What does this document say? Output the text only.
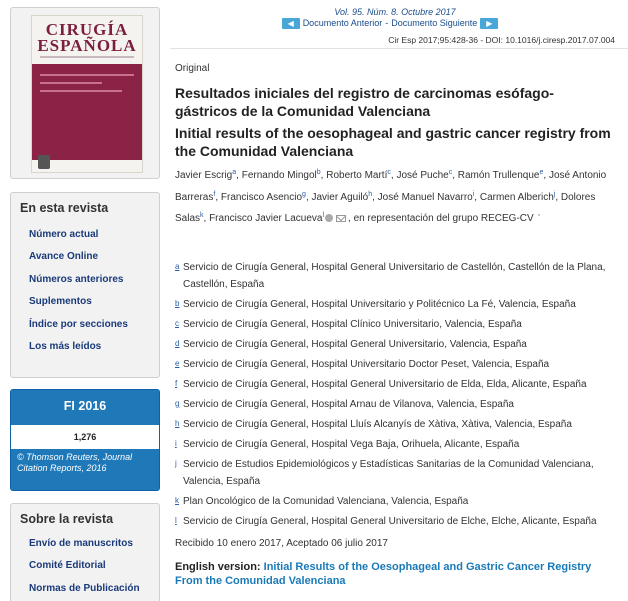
CIRUGÍA
ESPAÑOLA
En esta revista
Número actual
Avance Online
Números anteriores
Suplementos
Índice por secciones
Los más leídos
FI 2016
1,276
© Thomson Reuters, Journal Citation Reports, 2016
Sobre la revista
Envío de manuscritos
Comité Editorial
Normas de Publicación
Vol. 95. Núm. 8. Octubre 2017
◀ Documento Anterior - Documento Siguiente	▶
Cir Esp 2017;95:428-36 - DOI: 10.1016/j.ciresp.2017.07.004
Original
Resultados iniciales del registro de carcinomas esófago-gástricos de la Comunidad Valenciana
Initial results of the oesophageal and gastric cancer registry from the Comunidad Valenciana
Javier Escrig$^a$, Fernando Mingol$^b$, Roberto Martí$^c$, José Puche$^c$, Ramón Trullenque$^e$, José Antonio Barreras$^f$, Francisco Asencio$^g$, Javier Aguiló$^h$, José Manuel Navarro$^i$, Carmen Alberich$^j$, Dolores Salas$^k$, Francisco Javier Lacueva$^l$ , en representación del grupo RECEG-CV ◦
a Servicio de Cirugía General, Hospital General Universitario de Castellón, Castellón de la Plana, Castellón, España
b Servicio de Cirugía General, Hospital Universitario y Politécnico La Fé, Valencia, España
c Servicio de Cirugía General, Hospital Clínico Universitario, Valencia, España
d Servicio de Cirugía General, Hospital General Universitario, Valencia, España
e Servicio de Cirugía General, Hospital Universitario Doctor Peset, Valencia, España
f Servicio de Cirugía General, Hospital General Universitario de Elda, Elda, Alicante, España
g Servicio de Cirugía General, Hospital Arnau de Vilanova, Valencia, España
h Servicio de Cirugía General, Hospital Lluís Alcanyís de Xàtiva, Xàtiva, Valencia, España
i Servicio de Cirugía General, Hospital Vega Baja, Orihuela, Alicante, España
j Servicio de Estudios Epidemiológicos y Estadísticas Sanitarias de la Comunidad Valenciana, Valencia, España
k Plan Oncológico de la Comunidad Valenciana, Valencia, España
l Servicio de Cirugía General, Hospital General Universitario de Elche, Elche, Alicante, España
Recibido 10 enero 2017, Aceptado 06 julio 2017
English version: Initial Results of the Oesophageal and Gastric Cancer Registry From the Comunidad Valenciana
